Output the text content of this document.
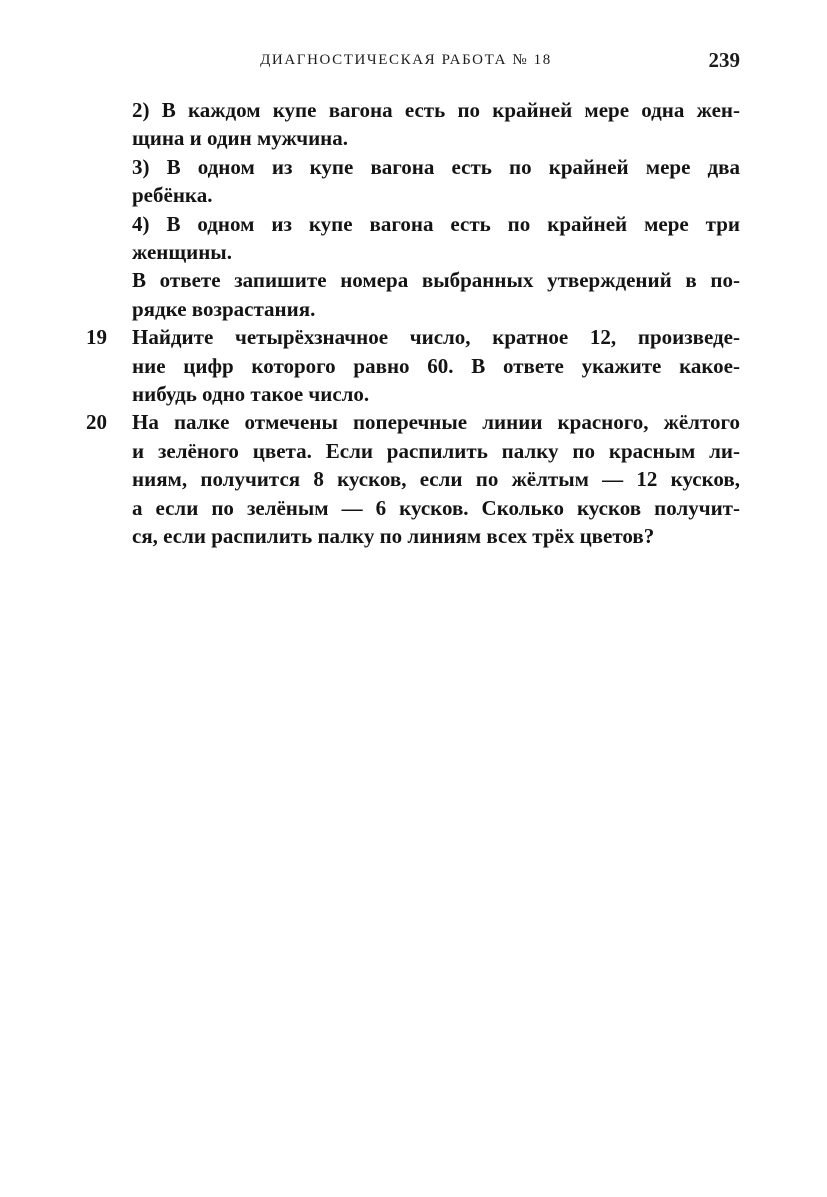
ДИАГНОСТИЧЕСКАЯ РАБОТА № 18	239
2) В каждом купе вагона есть по крайней мере одна жен-
щина и один мужчина.
3) В одном из купе вагона есть по крайней мере два
ребёнка.
4) В одном из купе вагона есть по крайней мере три
женщины.
В ответе запишите номера выбранных утверждений в по-
рядке возрастания.
19	Найдите четырёхзначное число, кратное 12, произведе-
ние цифр которого равно 60. В ответе укажите какое-
нибудь одно такое число.
20	На палке отмечены поперечные линии красного, жёлтого
и зелёного цвета. Если распилить палку по красным ли-
ниям, получится 8 кусков, если по жёлтым — 12 кусков,
а если по зелёным — 6 кусков. Сколько кусков получит-
ся, если распилить палку по линиям всех трёх цветов?
